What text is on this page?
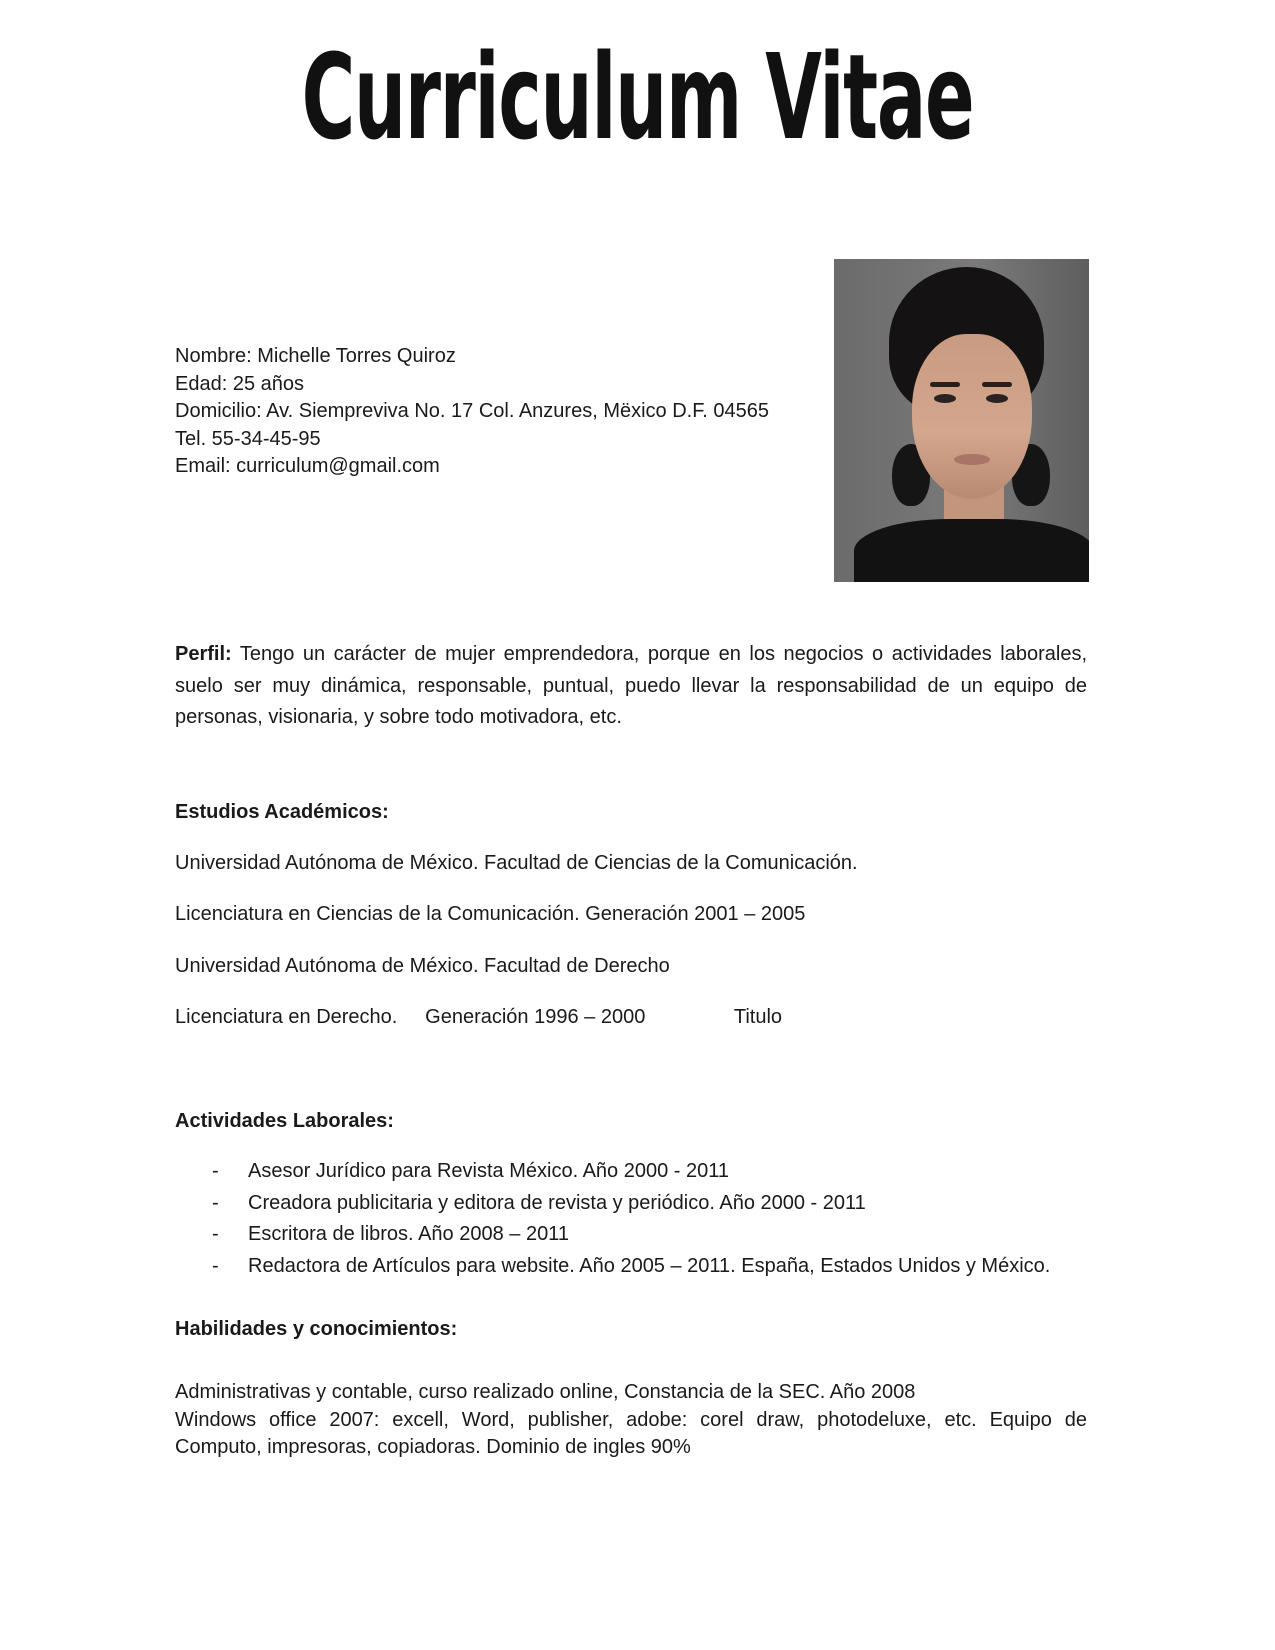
Curriculum Vitae
Nombre: Michelle Torres Quiroz
Edad: 25 años
Domicilio: Av. Siempreviva No. 17 Col. Anzures, Mëxico D.F. 04565
Tel. 55-34-45-95
Email: curriculum@gmail.com
Perfil: Tengo un carácter de mujer emprendedora, porque en los negocios o actividades laborales, suelo ser muy dinámica, responsable, puntual, puedo llevar la responsabilidad de un equipo de personas, visionaria, y sobre todo motivadora, etc.
Estudios Académicos:
Universidad Autónoma de México. Facultad de Ciencias de la Comunicación.
Licenciatura en Ciencias de la Comunicación. Generación 2001 – 2005
Universidad Autónoma de México. Facultad de Derecho
Licenciatura en Derecho.     Generación 1996 – 2000                Titulo
Actividades Laborales:
-	Asesor Jurídico para Revista México. Año 2000 - 2011
-	Creadora publicitaria y editora de revista y periódico. Año 2000 - 2011
-	Escritora de libros. Año 2008 – 2011
-	Redactora de Artículos para website. Año 2005 – 2011. España, Estados Unidos y México.
Habilidades y conocimientos:
Administrativas y contable, curso realizado online, Constancia de la SEC. Año 2008
Windows office 2007: excell, Word, publisher, adobe: corel draw, photodeluxe, etc. Equipo de Computo, impresoras, copiadoras. Dominio de ingles 90%
